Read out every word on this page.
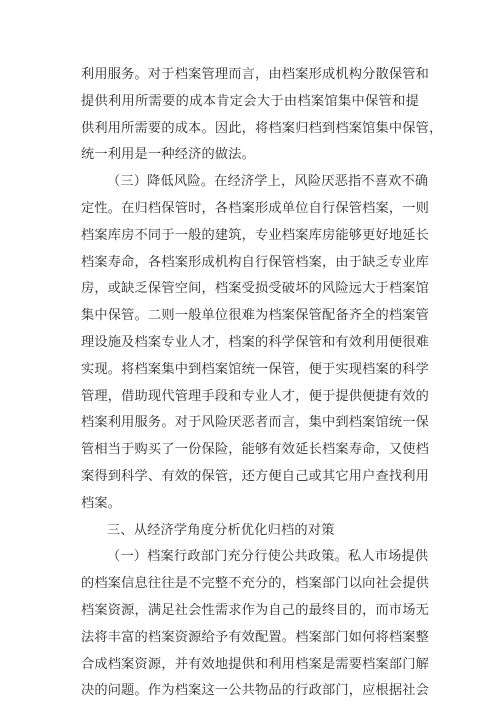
利用服务。对于档案管理而言，由档案形成机构分散保管和
提供利用所需要的成本肯定会大于由档案馆集中保管和提
供利用所需要的成本。因此，将档案归档到档案馆集中保管，
统一利用是一种经济的做法。
（三）降低风险。在经济学上，风险厌恶指不喜欢不确
定性。在归档保管时，各档案形成单位自行保管档案，一则
档案库房不同于一般的建筑，专业档案库房能够更好地延长
档案寿命，各档案形成机构自行保管档案，由于缺乏专业库
房，或缺乏保管空间，档案受损受破坏的风险远大于档案馆
集中保管。二则一般单位很难为档案保管配备齐全的档案管
理设施及档案专业人才，档案的科学保管和有效利用便很难
实现。将档案集中到档案馆统一保管，便于实现档案的科学
管理，借助现代管理手段和专业人才，便于提供便捷有效的
档案利用服务。对于风险厌恶者而言，集中到档案馆统一保
管相当于购买了一份保险，能够有效延长档案寿命，又使档
案得到科学、有效的保管，还方便自己或其它用户查找利用
档案。
三、从经济学角度分析优化归档的对策
（一）档案行政部门充分行使公共政策。私人市场提供
的档案信息往往是不完整不充分的，档案部门以向社会提供
档案资源，满足社会性需求作为自己的最终目的，而市场无
法将丰富的档案资源给予有效配置。档案部门如何将档案整
合成档案资源，并有效地提供和利用档案是需要档案部门解
决的问题。作为档案这一公共物品的行政部门，应根据社会
